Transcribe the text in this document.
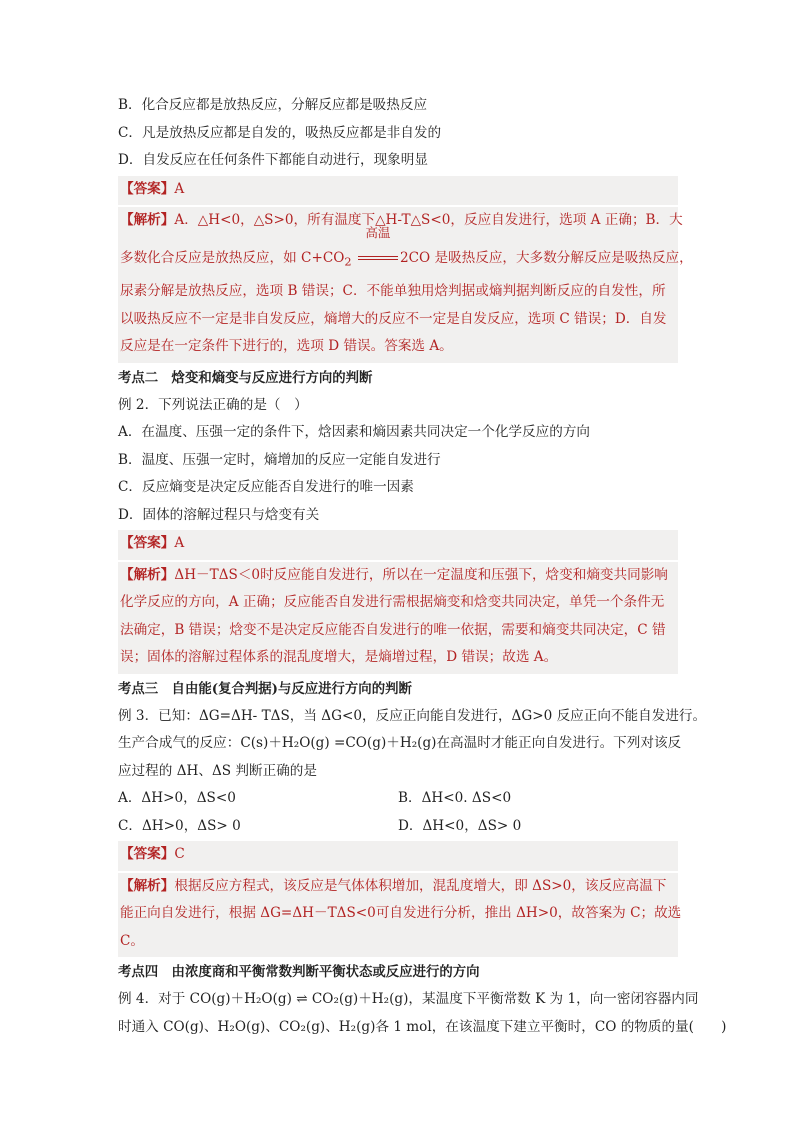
B．化合反应都是放热反应，分解反应都是吸热反应
C．凡是放热反应都是自发的，吸热反应都是非自发的
D．自发反应在任何条件下都能自动进行，现象明显
【答案】A
【解析】A．△H<0，△S>0，所有温度下△H-T△S<0，反应自发进行，选项 A 正确；B．大
多数化合反应是放热反应，如 $C+CO_2$
高温
2CO 是吸热反应，大多数分解反应是吸热反应，
尿素分解是放热反应，选项 B 错误；C．不能单独用焓判据或熵判据判断反应的自发性，所
以吸热反应不一定是非自发反应，熵增大的反应不一定是自发反应，选项 C 错误；D．自发
反应是在一定条件下进行的，选项 D 错误。答案选 A。
考点二　焓变和熵变与反应进行方向的判断
例 2．下列说法正确的是（　）
A．在温度、压强一定的条件下，焓因素和熵因素共同决定一个化学反应的方向
B．温度、压强一定时，熵增加的反应一定能自发进行
C．反应熵变是决定反应能否自发进行的唯一因素
D．固体的溶解过程只与焓变有关
【答案】A
【解析】ΔH－TΔS＜0时反应能自发进行，所以在一定温度和压强下，焓变和熵变共同影响
化学反应的方向，A 正确；反应能否自发进行需根据熵变和焓变共同决定，单凭一个条件无
法确定，B 错误；焓变不是决定反应能否自发进行的唯一依据，需要和熵变共同决定，C 错
误；固体的溶解过程体系的混乱度增大，是熵增过程，D 错误；故选 A。
考点三　自由能(复合判据)与反应进行方向的判断
例 3．已知：ΔG=ΔH- TΔS，当 ΔG<0，反应正向能自发进行，ΔG>0 反应正向不能自发进行。
生产合成气的反应：C(s)＋H₂O(g) =CO(g)＋H₂(g)在高温时才能正向自发进行。下列对该反
应过程的 ΔH、ΔS 判断正确的是
A．ΔH>0，ΔS<0	B．ΔH<0. ΔS<0
C．ΔH>0，ΔS> 0	D．ΔH<0，ΔS> 0
【答案】C
【解析】根据反应方程式，该反应是气体体积增加，混乱度增大，即 ΔS>0，该反应高温下
能正向自发进行，根据 ΔG=ΔH－TΔS<0可自发进行分析，推出 ΔH>0，故答案为 C；故选
C。
考点四　由浓度商和平衡常数判断平衡状态或反应进行的方向
例 4．对于 CO(g)＋H₂O(g) ⇌ CO₂(g)＋H₂(g)，某温度下平衡常数 K 为 1，向一密闭容器内同
时通入 CO(g)、H₂O(g)、CO₂(g)、H₂(g)各 1 mol，在该温度下建立平衡时，CO 的物质的量(　　)
